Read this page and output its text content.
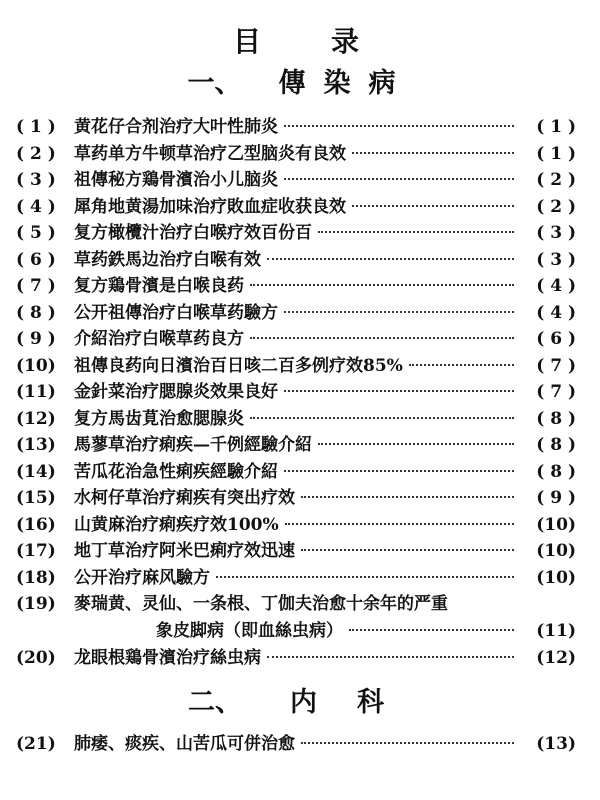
目	录
一、 傳 染 病
( 1 )	黄花仔合剂治疗大叶性肺炎	( 1 )
( 2 )	草药单方牛顿草治疗乙型脑炎有良效	( 1 )
( 3 )	祖傳秘方鶏骨濱治小儿脑炎	( 2 )
( 4 )	犀角地黄湯加味治疗敗血症收获良效	( 2 )
( 5 )	复方橄欖汁治疗白喉疗效百份百	( 3 )
( 6 )	草药鉄馬边治疗白喉有效	( 3 )
( 7 )	复方鶏骨濱是白喉良药	( 4 )
( 8 )	公开祖傳治疗白喉草药驗方	( 4 )
( 9 )	介紹治疗白喉草药良方	( 6 )
(10)	祖傳良药向日濱治百日咳二百多例疗效85%	( 7 )
(11)	金針菜治疗腮腺炎效果良好	( 7 )
(12)	复方馬齿莧治愈腮腺炎	( 8 )
(13)	馬蓼草治疗痢疾—千例經驗介紹	( 8 )
(14)	苦瓜花治急性痢疾經驗介紹	( 8 )
(15)	水柯仔草治疗痢疾有突出疗效	( 9 )
(16)	山黄麻治疗痢疾疗效100%	(10)
(17)	地丁草治疗阿米巴痢疗效迅速	(10)
(18)	公开治疗麻风驗方	(10)
(19)	麥瑞黄、灵仙、一条根、丁伽夫治愈十余年的严重
象皮脚病（即血絲虫病）	(11)
(20)	龙眼根鶏骨濱治疗絲虫病	(12)
二、 内 科
(21)	肺痿、痰疾、山苦瓜可併治愈	(13)
